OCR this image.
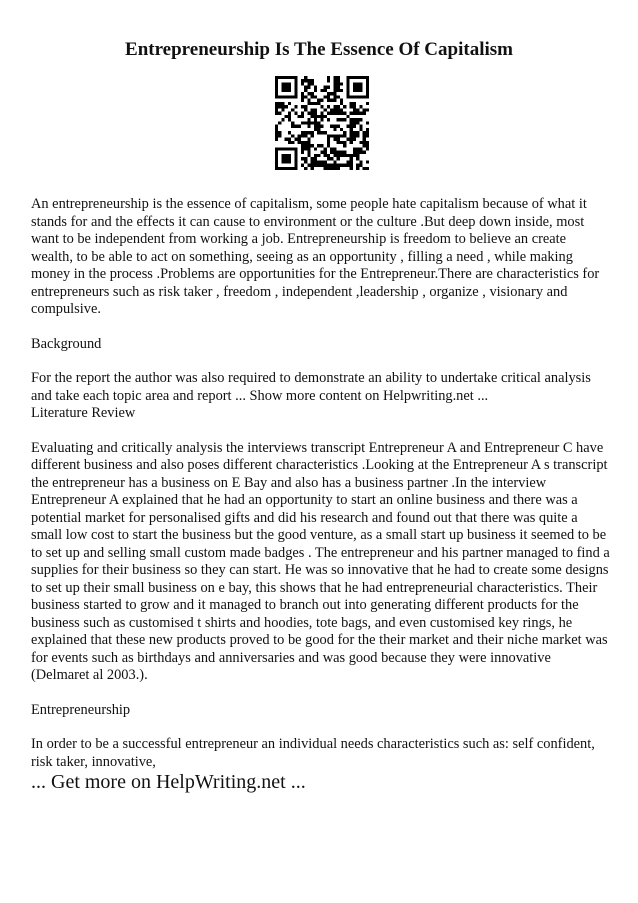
Entrepreneurship Is The Essence Of Capitalism

An entrepreneurship is the essence of capitalism, some people hate capitalism because of what it stands for and the effects it can cause to environment or the culture .But deep down inside, most want to be independent from working a job. Entrepreneurship is freedom to believe an create wealth, to be able to act on something, seeing as an opportunity , filling a need , while making money in the process .Problems are opportunities for the Entrepreneur.There are characteristics for entrepreneurs such as risk taker , freedom , independent ,leadership , organize , visionary and compulsive.

Background

For the report the author was also required to demonstrate an ability to undertake critical analysis and take each topic area and report ... Show more content on Helpwriting.net ...

Literature Review

Evaluating and critically analysis the interviews transcript Entrepreneur A and Entrepreneur C have different business and also poses different characteristics .Looking at the Entrepreneur A s transcript the entrepreneur has a business on E Bay and also has a business partner .In the interview Entrepreneur A explained that he had an opportunity to start an online business and there was a potential market for personalised gifts and did his research and found out that there was quite a small low cost to start the business but the good venture, as a small start up business it seemed to be to set up and selling small custom made badges . The entrepreneur and his partner managed to find a supplies for their business so they can start. He was so innovative that he had to create some designs to set up their small business on e bay, this shows that he had entrepreneurial characteristics. Their business started to grow and it managed to branch out into generating different products for the business such as customised t shirts and hoodies, tote bags, and even customised key rings, he explained that these new products proved to be good for the their market and their niche market was for events such as birthdays and anniversaries and was good because they were innovative (Delmaret al 2003.).

Entrepreneurship

In order to be a successful entrepreneur an individual needs characteristics such as: self confident, risk taker, innovative,

... Get more on HelpWriting.net ...
